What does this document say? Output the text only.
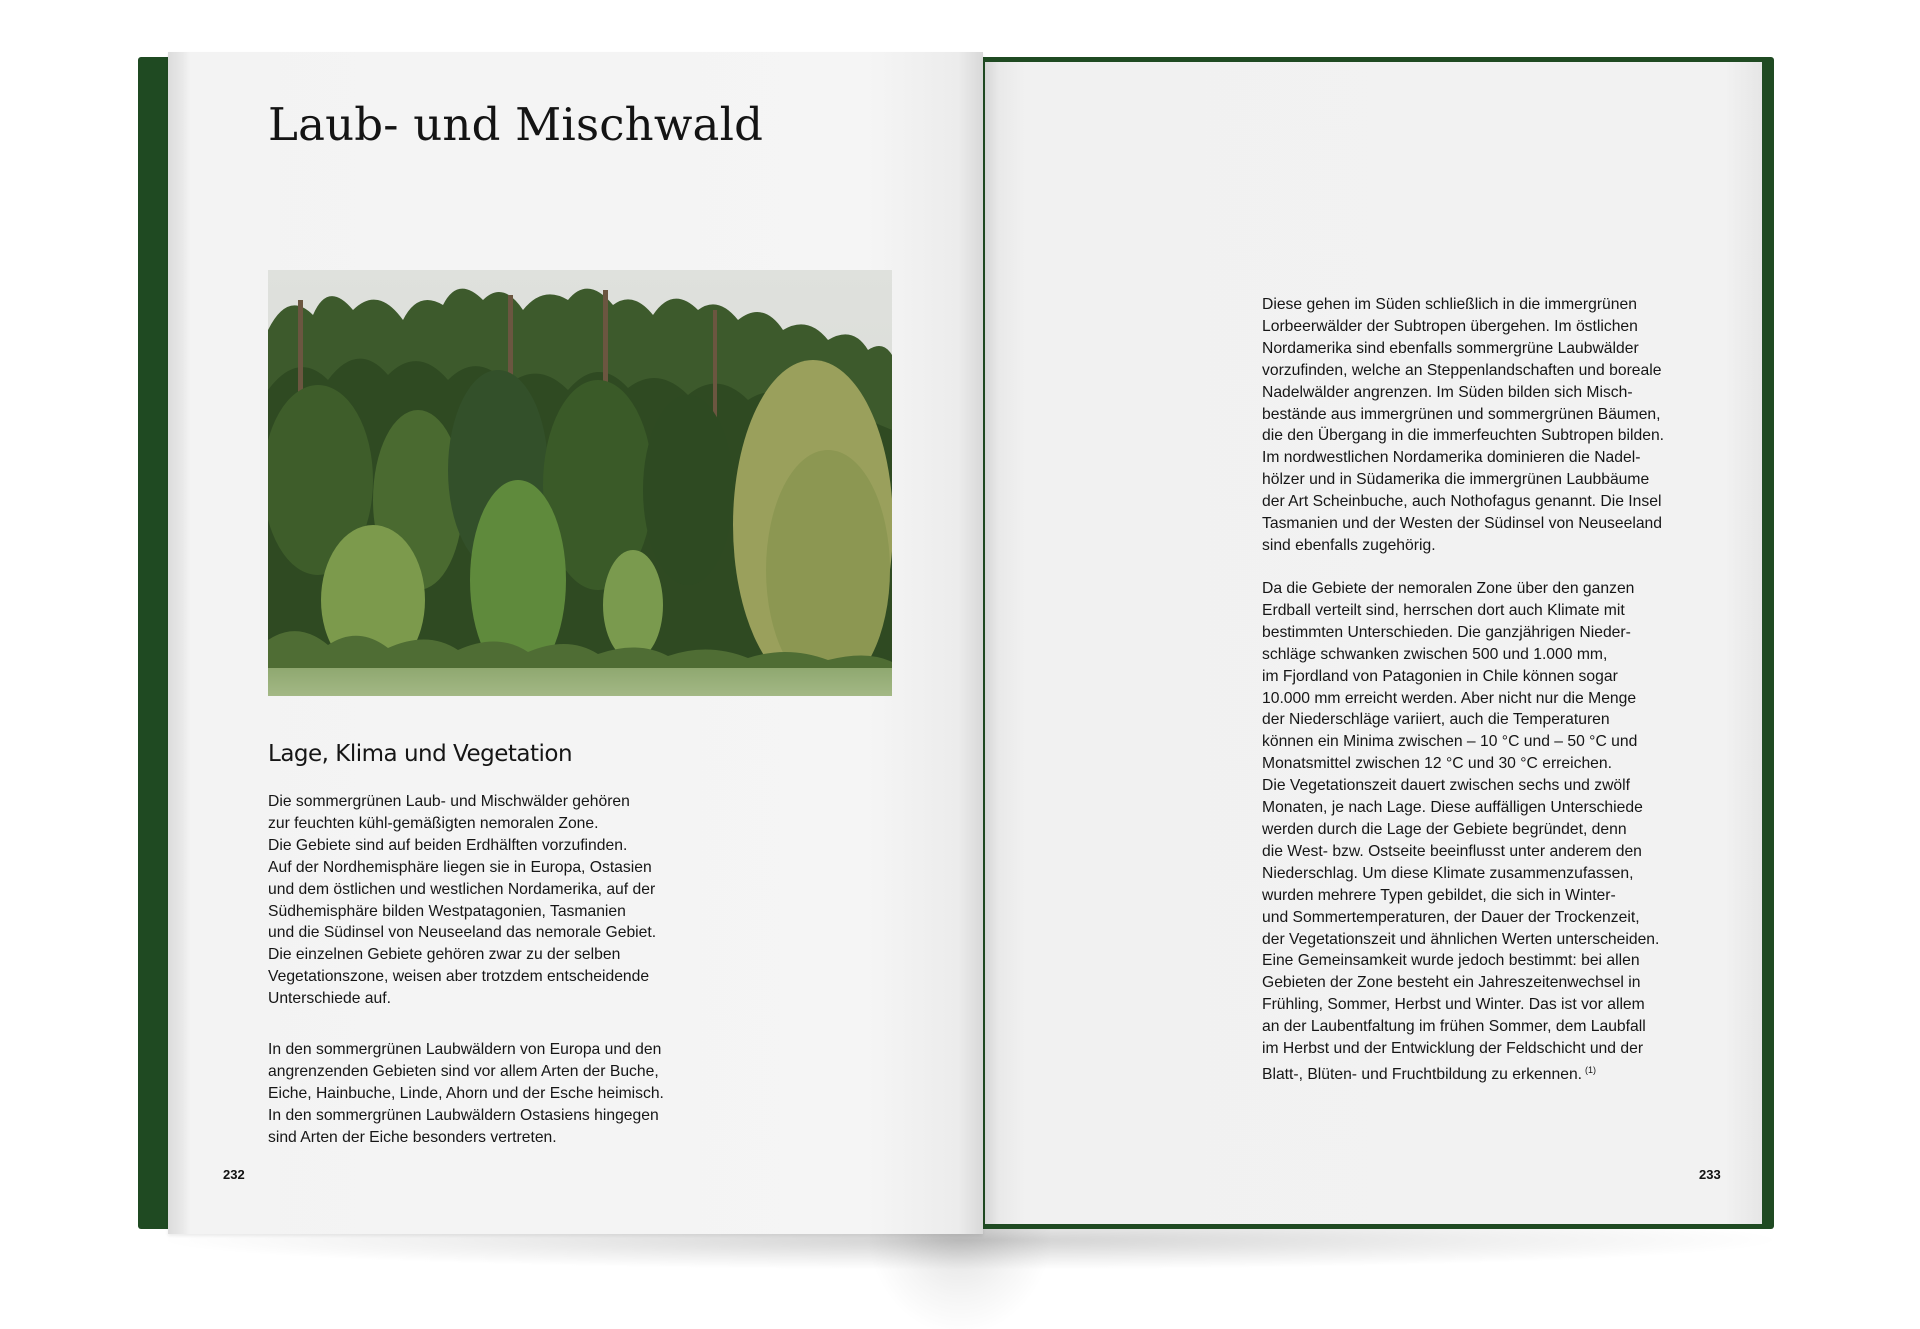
Laub- und Mischwald
Lage, Klima und Vegetation
Die sommergrünen Laub- und Mischwälder gehören
zur feuchten kühl-gemäßigten nemoralen Zone.
Die Gebiete sind auf beiden Erdhälften vorzufinden.
Auf der Nordhemisphäre liegen sie in Europa, Ostasien
und dem östlichen und westlichen Nordamerika, auf der
Südhemisphäre bilden Westpatagonien, Tasmanien
und die Südinsel von Neuseeland das nemorale Gebiet.
Die einzelnen Gebiete gehören zwar zu der selben
Vegetationszone, weisen aber trotzdem entscheidende
Unterschiede auf.
In den sommergrünen Laubwäldern von Europa und den
angrenzenden Gebieten sind vor allem Arten der Buche,
Eiche, Hainbuche, Linde, Ahorn und der Esche heimisch.
In den sommergrünen Laubwäldern Ostasiens hingegen
sind Arten der Eiche besonders vertreten.
232
Diese gehen im Süden schließlich in die immergrünen
Lorbeerwälder der Subtropen übergehen. Im östlichen
Nordamerika sind ebenfalls sommergrüne Laubwälder
vorzufinden, welche an Steppenlandschaften und boreale
Nadelwälder angrenzen. Im Süden bilden sich Misch-
bestände aus immergrünen und sommergrünen Bäumen,
die den Übergang in die immerfeuchten Subtropen bilden.
Im nordwestlichen Nordamerika dominieren die Nadel-
hölzer und in Südamerika die immergrünen Laubbäume
der Art Scheinbuche, auch Nothofagus genannt. Die Insel
Tasmanien und der Westen der Südinsel von Neuseeland
sind ebenfalls zugehörig.
Da die Gebiete der nemoralen Zone über den ganzen
Erdball verteilt sind, herrschen dort auch Klimate mit
bestimmten Unterschieden. Die ganzjährigen Nieder-
schläge schwanken zwischen 500 und 1.000 mm,
im Fjordland von Patagonien in Chile können sogar
10.000 mm erreicht werden. Aber nicht nur die Menge
der Niederschläge variiert, auch die Temperaturen
können ein Minima zwischen – 10 °C und – 50 °C und
Monatsmittel zwischen 12 °C und 30 °C erreichen.
Die Vegetationszeit dauert zwischen sechs und zwölf
Monaten, je nach Lage. Diese auffälligen Unterschiede
werden durch die Lage der Gebiete begründet, denn
die West- bzw. Ostseite beeinflusst unter anderem den
Niederschlag. Um diese Klimate zusammenzufassen,
wurden mehrere Typen gebildet, die sich in Winter-
und Sommertemperaturen, der Dauer der Trockenzeit,
der Vegetationszeit und ähnlichen Werten unterscheiden.
Eine Gemeinsamkeit wurde jedoch bestimmt: bei allen
Gebieten der Zone besteht ein Jahreszeitenwechsel in
Frühling, Sommer, Herbst und Winter. Das ist vor allem
an der Laubentfaltung im frühen Sommer, dem Laubfall
im Herbst und der Entwicklung der Feldschicht und der
Blatt-, Blüten- und Fruchtbildung zu erkennen. $^{(1)}$
233
